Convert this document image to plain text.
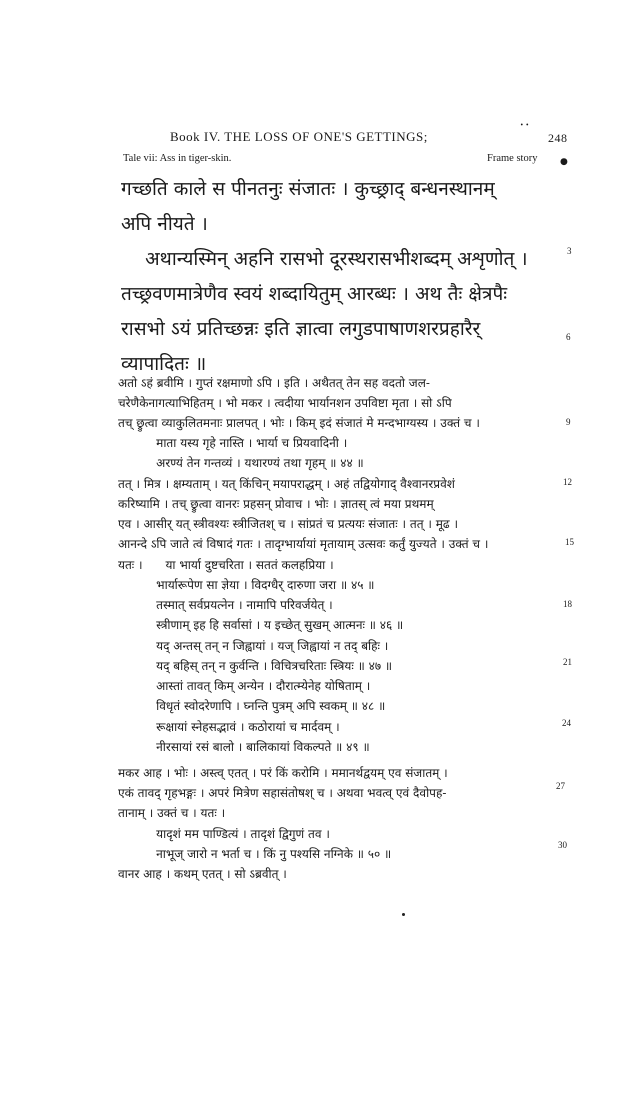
Book IV. THE LOSS OF ONE'S GETTINGS;	248
• •
●
Tale vii: Ass in tiger-skin.	Frame story
गच्छति काले स पीनतनुः संजातः । कुच्छ्राद् बन्धनस्थानम्
अपि नीयते ।
अथान्यस्मिन् अहनि रासभो दूरस्थरासभीशब्दम् अशृणोत् ।
तच्छ्रवणमात्रेणैव स्वयं शब्दायितुम् आरब्धः । अथ तैः क्षेत्रपैः
रासभो ऽयं प्रतिच्छन्नः इति ज्ञात्वा लगुडपाषाणशरप्रहारैर्
व्यापादितः ॥
अतो ऽहं ब्रवीमि । गुप्तं रक्षमाणो ऽपि । इति । अथैतत् तेन सह वदतो जल-
चरेणैकेनागत्याभिहितम् । भो मकर । त्वदीया भार्यानशन उपविष्टा मृता । सो ऽपि
तच् छ्रुत्वा व्याकुलितमनाः प्रालपत् । भोः । किम् इदं संजातं मे मन्दभाग्यस्य । उक्तं च ।
माता यस्य गृहे नास्ति । भार्या च प्रियवादिनी ।
अरण्यं तेन गन्तव्यं । यथारण्यं तथा गृहम् ॥ ४४ ॥
तत् । मित्र । क्षम्यताम् । यत् किंचिन् मयापराद्धम् । अहं तद्वियोगाद् वैश्वानरप्रवेशं
करिष्यामि । तच् छ्रुत्वा वानरः प्रहसन् प्रोवाच । भोः । ज्ञातस् त्वं मया प्रथमम्
एव । आसीर् यत् स्त्रीवश्यः स्त्रीजितश् च । सांप्रतं च प्रत्ययः संजातः । तत् । मूढ ।
आनन्दे ऽपि जाते त्वं विषादं गतः । तादृग्भार्यायां मृतायाम् उत्सवः कर्तुं युज्यते । उक्तं च ।
यतः ।      या भार्या दुष्टचरिता । सततं कलहप्रिया ।
भार्यारूपेण सा ज्ञेया । विदग्धैर् दारुणा जरा ॥ ४५ ॥
तस्मात् सर्वप्रयत्नेन । नामापि परिवर्जयेत् ।
स्त्रीणाम् इह हि सर्वासां । य इच्छेत् सुखम् आत्मनः ॥ ४६ ॥
यद् अन्तस् तन् न जिह्वायां । यज् जिह्वायां न तद् बहिः ।
यद् बहिस् तन् न कुर्वन्ति । विचित्रचरिताः स्त्रियः ॥ ४७ ॥
आस्तां तावत् किम् अन्येन । दौरात्म्येनेह योषिताम् ।
विधृतं स्वोदरेणापि । घ्नन्ति पुत्रम् अपि स्वकम् ॥ ४८ ॥
रूक्षायां स्नेहसद्भावं । कठोरायां च मार्दवम् ।
नीरसायां रसं बालो । बालिकायां विकल्पते ॥ ४९ ॥
मकर आह । भोः । अस्त्व् एतत् । परं किं करोमि । ममानर्थद्वयम् एव संजातम् ।
एकं तावद् गृहभङ्गः । अपरं मित्रेण सहासंतोषश् च । अथवा भवत्व् एवं दैवोपह-
तानाम् । उक्तं च । यतः ।
यादृशं मम पाण्डित्यं । तादृशं द्विगुणं तव ।
नाभूज् जारो न भर्ता च । किं नु पश्यसि नग्निके ॥ ५० ॥
वानर आह । कथम् एतत् । सो ऽब्रवीत् ।
3
6
9
12
15
18
21
24
27
30
